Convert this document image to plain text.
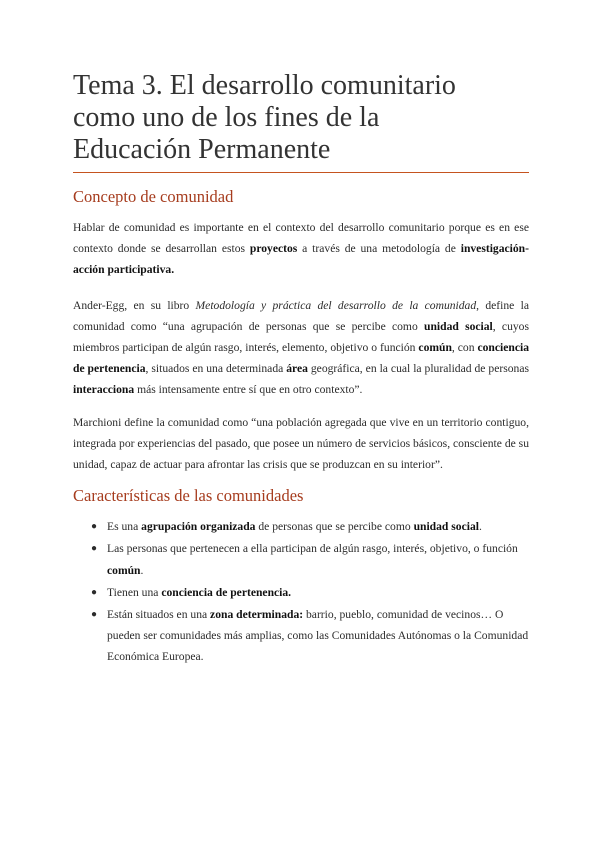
Tema 3. El desarrollo comunitario
como uno de los fines de la
Educación Permanente
Concepto de comunidad

Hablar de comunidad es importante en el contexto del desarrollo comunitario porque es en ese contexto donde se desarrollan estos proyectos a través de una metodología de investigación-acción participativa.

Ander-Egg, en su libro Metodología y práctica del desarrollo de la comunidad, define la comunidad como “una agrupación de personas que se percibe como unidad social, cuyos miembros participan de algún rasgo, interés, elemento, objetivo o función común, con conciencia de pertenencia, situados en una determinada área geográfica, en la cual la pluralidad de personas interacciona más intensamente entre sí que en otro contexto”.

Marchioni define la comunidad como “una población agregada que vive en un territorio contiguo, integrada por experiencias del pasado, que posee un número de servicios básicos, consciente de su unidad, capaz de actuar para afrontar las crisis que se produzcan en su interior”.

Características de las comunidades
● Es una agrupación organizada de personas que se percibe como unidad social.
● Las personas que pertenecen a ella participan de algún rasgo, interés, objetivo, o función común.
● Tienen una conciencia de pertenencia.
● Están situados en una zona determinada: barrio, pueblo, comunidad de vecinos… O pueden ser comunidades más amplias, como las Comunidades Autónomas o la Comunidad Económica Europea.
